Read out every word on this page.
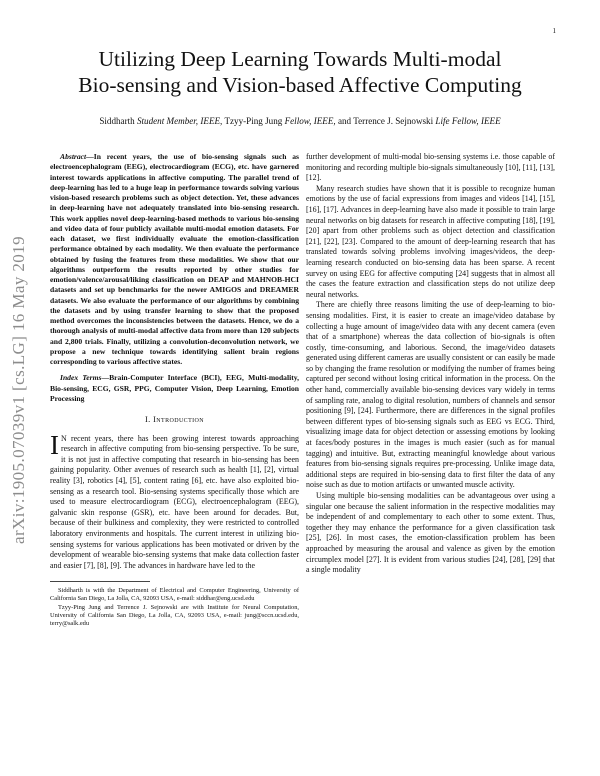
1
arXiv:1905.07039v1 [cs.LG] 16 May 2019
Utilizing Deep Learning Towards Multi-modal
Bio-sensing and Vision-based Affective Computing
Siddharth Student Member, IEEE, Tzyy-Ping Jung Fellow, IEEE, and Terrence J. Sejnowski Life Fellow, IEEE

Abstract—In recent years, the use of bio-sensing signals such as electroencephalogram (EEG), electrocardiogram (ECG), etc. have garnered interest towards applications in affective computing. The parallel trend of deep-learning has led to a huge leap in performance towards solving various vision-based research problems such as object detection. Yet, these advances in deep-learning have not adequately translated into bio-sensing research. This work applies novel deep-learning-based methods to various bio-sensing and video data of four publicly available multi-modal emotion datasets. For each dataset, we first individually evaluate the emotion-classification performance obtained by each modality. We then evaluate the performance obtained by fusing the features from these modalities. We show that our algorithms outperform the results reported by other studies for emotion/valence/arousal/liking classification on DEAP and MAHNOB-HCI datasets and set up benchmarks for the newer AMIGOS and DREAMER datasets. We also evaluate the performance of our algorithms by combining the datasets and by using transfer learning to show that the proposed method overcomes the inconsistencies between the datasets. Hence, we do a thorough analysis of multi-modal affective data from more than 120 subjects and 2,800 trials. Finally, utilizing a convolution-deconvolution network, we propose a new technique towards identifying salient brain regions corresponding to various affective states.

Index Terms—Brain-Computer Interface (BCI), EEG, Multi-modality, Bio-sensing, ECG, GSR, PPG, Computer Vision, Deep Learning, Emotion Processing

I. Introduction

I N recent years, there has been growing interest towards approaching research in affective computing from bio-sensing perspective. To be sure, it is not just in affective computing that research in bio-sensing has been gaining popularity. Other avenues of research such as health [1], [2], virtual reality [3], robotics [4], [5], content rating [6], etc. have also exploited bio-sensing as a research tool. Bio-sensing systems specifically those which are used to measure electrocardiogram (ECG), electroencephalogram (EEG), galvanic skin response (GSR), etc. have been around for decades. But, because of their bulkiness and complexity, they were restricted to controlled laboratory environments and hospitals. The current interest in utilizing bio-sensing systems for various applications has been motivated or driven by the development of wearable bio-sensing systems that make data collection faster and easier [7], [8], [9]. The advances in hardware have led to the

Siddharth is with the Department of Electrical and Computer Engineering, University of California San Diego, La Jolla, CA, 92093 USA, e-mail: siddhar@eng.ucsd.edu

Tzyy-Ping Jung and Terrence J. Sejnowski are with Institute for Neural Computation, University of California San Diego, La Jolla, CA, 92093 USA, e-mail: jung@sccn.ucsd.edu, terry@salk.edu

further development of multi-modal bio-sensing systems i.e. those capable of monitoring and recording multiple bio-signals simultaneously [10], [11], [13], [12].

Many research studies have shown that it is possible to recognize human emotions by the use of facial expressions from images and videos [14], [15], [16], [17]. Advances in deep-learning have also made it possible to train large neural networks on big datasets for research in affective computing [18], [19], [20] apart from other problems such as object detection and classification [21], [22], [23]. Compared to the amount of deep-learning research that has translated towards solving problems involving images/videos, the deep-learning research conducted on bio-sensing data has been sparse. A recent survey on using EEG for affective computing [24] suggests that in almost all the cases the feature extraction and classification steps do not utilize deep neural networks.

There are chiefly three reasons limiting the use of deep-learning to bio-sensing modalities. First, it is easier to create an image/video database by collecting a huge amount of image/video data with any decent camera (even that of a smartphone) whereas the data collection of bio-signals is often costly, time-consuming, and laborious. Second, the image/video datasets generated using different cameras are usually consistent or can easily be made so by changing the frame resolution or modifying the number of frames being captured per second without losing critical information in the process. On the other hand, commercially available bio-sensing devices vary widely in terms of sampling rate, analog to digital resolution, numbers of channels and sensor positioning [9], [24]. Furthermore, there are differences in the signal profiles between different types of bio-sensing signals such as EEG vs ECG. Third, visualizing image data for object detection or assessing emotions by looking at faces/body postures in the images is much easier (such as for manual tagging) and intuitive. But, extracting meaningful knowledge about various features from bio-sensing signals requires pre-processing. Unlike image data, additional steps are required in bio-sensing data to first filter the data of any noise such as due to motion artifacts or unwanted muscle activity.

Using multiple bio-sensing modalities can be advantageous over using a singular one because the salient information in the respective modalities may be independent of and complementary to each other to some extent. Thus, together they may enhance the performance for a given classification task [25], [26]. In most cases, the emotion-classification problem has been approached by measuring the arousal and valence as given by the emotion circumplex model [27]. It is evident from various studies [24], [28], [29] that a single modality
